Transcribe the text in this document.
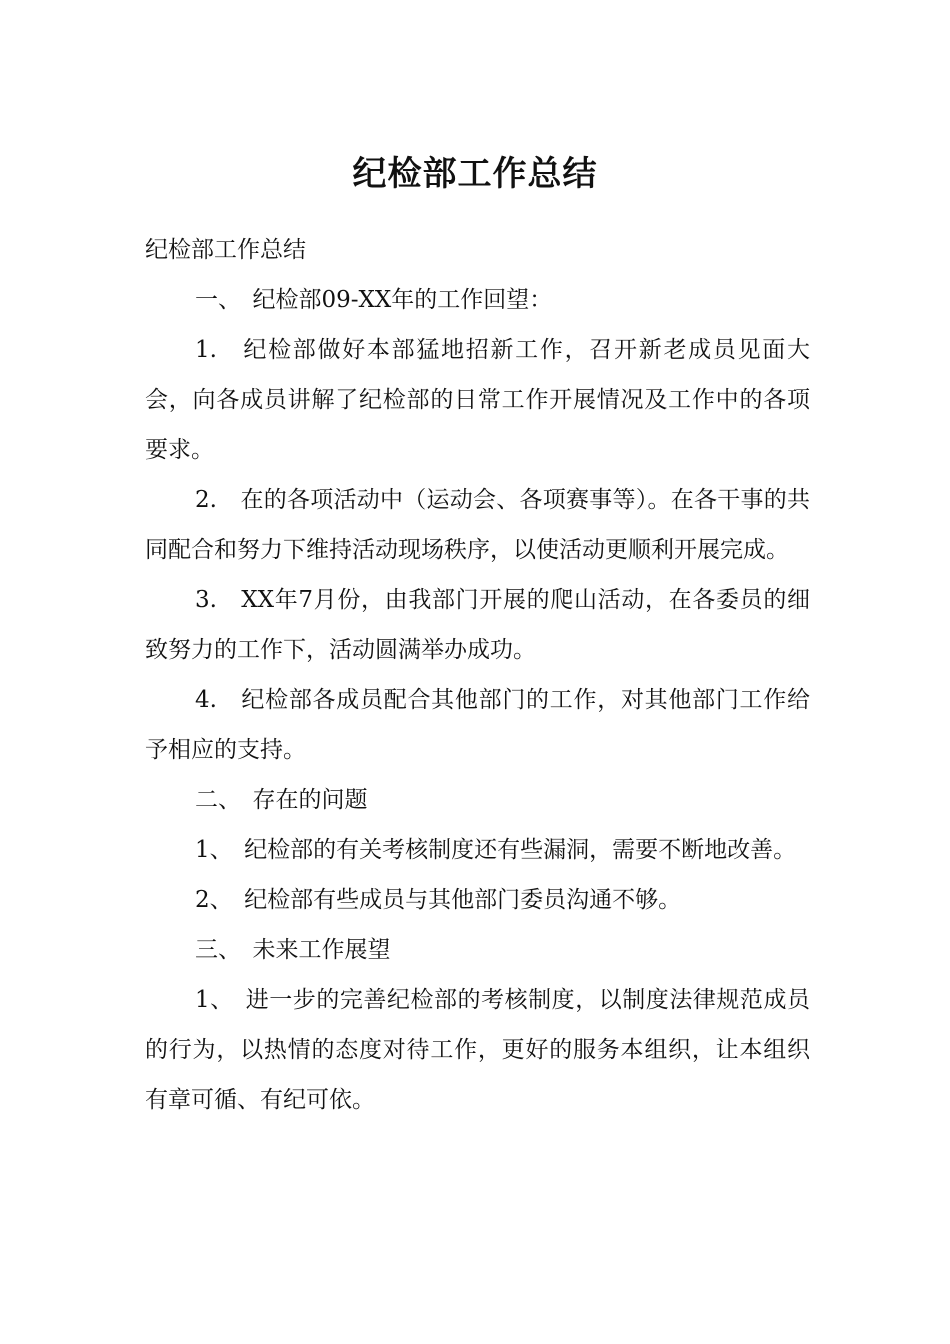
纪检部工作总结

纪检部工作总结

一、　纪检部09-XX年的工作回望：

1.　纪检部做好本部猛地招新工作，召开新老成员见面大会，向各成员讲解了纪检部的日常工作开展情况及工作中的各项要求。

2.　在的各项活动中（运动会、各项赛事等）。在各干事的共同配合和努力下维持活动现场秩序，以使活动更顺利开展完成。

3.　XX年7月份，由我部门开展的爬山活动，在各委员的细致努力的工作下，活动圆满举办成功。

4.　纪检部各成员配合其他部门的工作，对其他部门工作给予相应的支持。

二、　存在的问题

1、　纪检部的有关考核制度还有些漏洞，需要不断地改善。

2、　纪检部有些成员与其他部门委员沟通不够。

三、　未来工作展望

1、　进一步的完善纪检部的考核制度，以制度法律规范成员的行为，以热情的态度对待工作，更好的服务本组织，让本组织有章可循、有纪可依。
